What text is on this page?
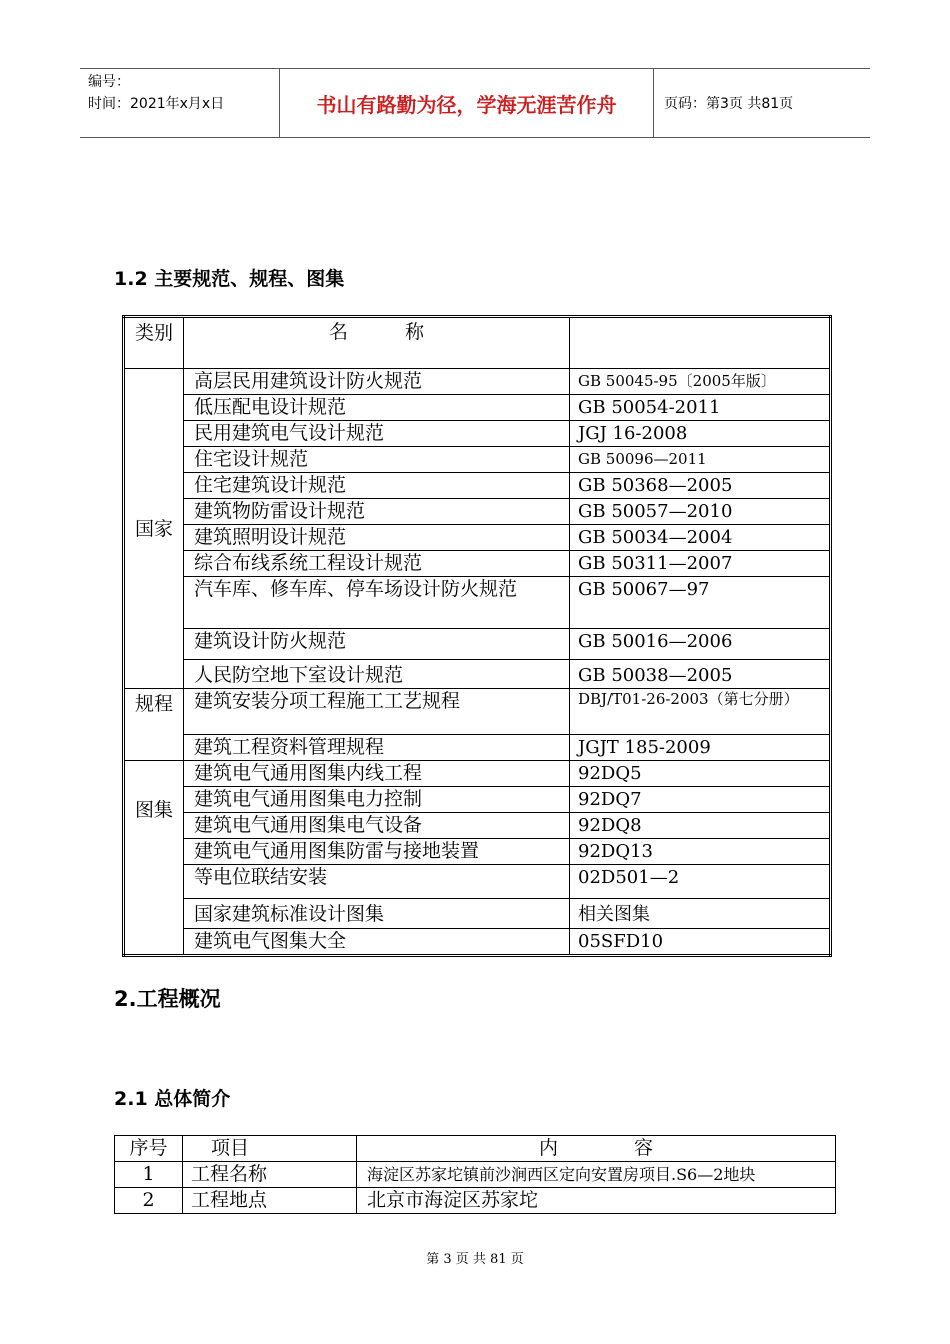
编号：
时间：2021年x月x日	书山有路勤为径，学海无涯苦作舟	页码：第3页 共81页
1.2 主要规范、规程、图集
类别	名　　　称	
国家	高层民用建筑设计防火规范	GB 50045-95〔2005年版〕
	低压配电设计规范	GB 50054-2011
	民用建筑电气设计规范	JGJ 16-2008
	住宅设计规范	GB 50096—2011
	住宅建筑设计规范	GB 50368—2005
	建筑物防雷设计规范	GB 50057—2010
	建筑照明设计规范	GB 50034—2004
	综合布线系统工程设计规范	GB 50311—2007
	汽车库、修车库、停车场设计防火规范	GB 50067—97
	建筑设计防火规范	GB 50016—2006
	人民防空地下室设计规范	GB 50038—2005
规程	建筑安装分项工程施工工艺规程	DBJ/T01-26-2003（第七分册）
	建筑工程资料管理规程	JGJT 185-2009
图集	建筑电气通用图集内线工程	92DQ5
	建筑电气通用图集电力控制	92DQ7
	建筑电气通用图集电气设备	92DQ8
	建筑电气通用图集防雷与接地装置	92DQ13
	等电位联结安装	02D501—2
	国家建筑标准设计图集	相关图集
	建筑电气图集大全	05SFD10
2.工程概况
2.1 总体简介
序号	项目	内　　　　容
1	工程名称	海淀区苏家坨镇前沙涧西区定向安置房项目.S6—2地块
2	工程地点	北京市海淀区苏家坨
第 3 页 共 81 页
